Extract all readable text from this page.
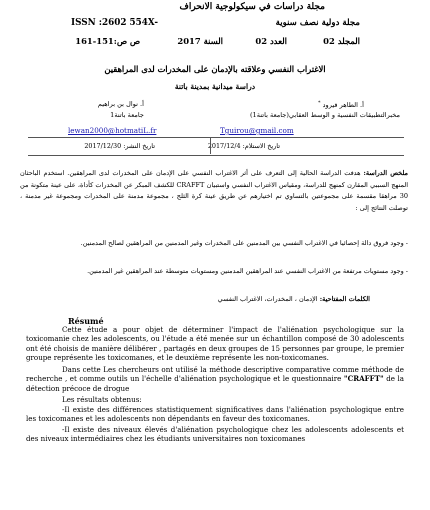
مجلة دراسات في سيكولوجية الانحراف
مجلة دولية نصف سنوية
ISSN :2602 554X-
المجلد 02
العدد 02
السنة 2017
ص ص:151-161
الاغتراب النفسي وعلاقته بالإدمان على المخدرات لدى المراهقين
دراسة ميدانية بمدينة باتنة
أ. الطاهر فيرود *
أ. نوال بن براهيم
مخبرالتطبيقات النفسية و الوسط العقابي(جامعة باتنة1)
جامعة باتنة1
Tguirou@gmail.com
lewan2000@hotmatiL.fr
تاريخ الاستلام: 2017/12/4
تاريخ النشر: 2017/12/30
ملخص الدراسة: هدفت الدراسة الحالية إلى التعرف على أثر الاغتراب النفسي على الإدمان على المخدرات لدى المراهقين. استخدم الباحثان المنهج السببي المقارن كمنهج للدراسة، ومقياس الاغتراب النفسي واستبيان CRAFFT للكشف المبكر عن المخدرات كأداة، على عينة متكونة من 30 مراهقا مقسمة على مجموعتين بالتساوي تم اختيارهم عن طريق عينة كرة الثلج ، مجموعة مدمنة على المخدرات ومجموعة غير مدمنة ، توصلت النتائج إلى :
- وجود فروق دالة إحصائيا في الاغتراب النفسي بين المدمنين على المخدرات وغير المدمنين من المراهقين لصالح المدمنين.
- وجود مستويات مرتفعة من الاغتراب النفسي عند المراهقين المدمنين ومستويات متوسطة عند المراهقين غير المدمنين.
الكلمات المفتاحية: الإدمان ، المخدرات، الاغتراب النفسي
Résumé
Cette étude a pour objet de déterminer l'impact de l'aliénation psychologique sur la toxicomanie chez les adolescents, ou l'étude a été menée sur un échantillon composé de 30 adolescents ont été choisis de manière délibérer , partagés en deux groupes de 15 personnes par groupe, le premier groupe représente les toxicomanes, et le deuxième représente les non-toxicomanes.
Dans cette Les chercheurs ont utilisé la méthode descriptive comparative comme méthode de recherche , et comme outils un l'échelle d'aliénation psychologique et le questionnaire "CRAFFT" de la détection précoce de drogue
Les résultats obtenus:
-Il existe des différences statistiquement significatives dans l'aliénation psychologique entre les toxicomanes et les adolescents non dépendants en faveur des toxicomanes.
-Il existe des niveaux élevés d'aliénation psychologique chez les adolescents adolescents et des niveaux intermédiaires chez les étudiants universitaires non toxicomanes
